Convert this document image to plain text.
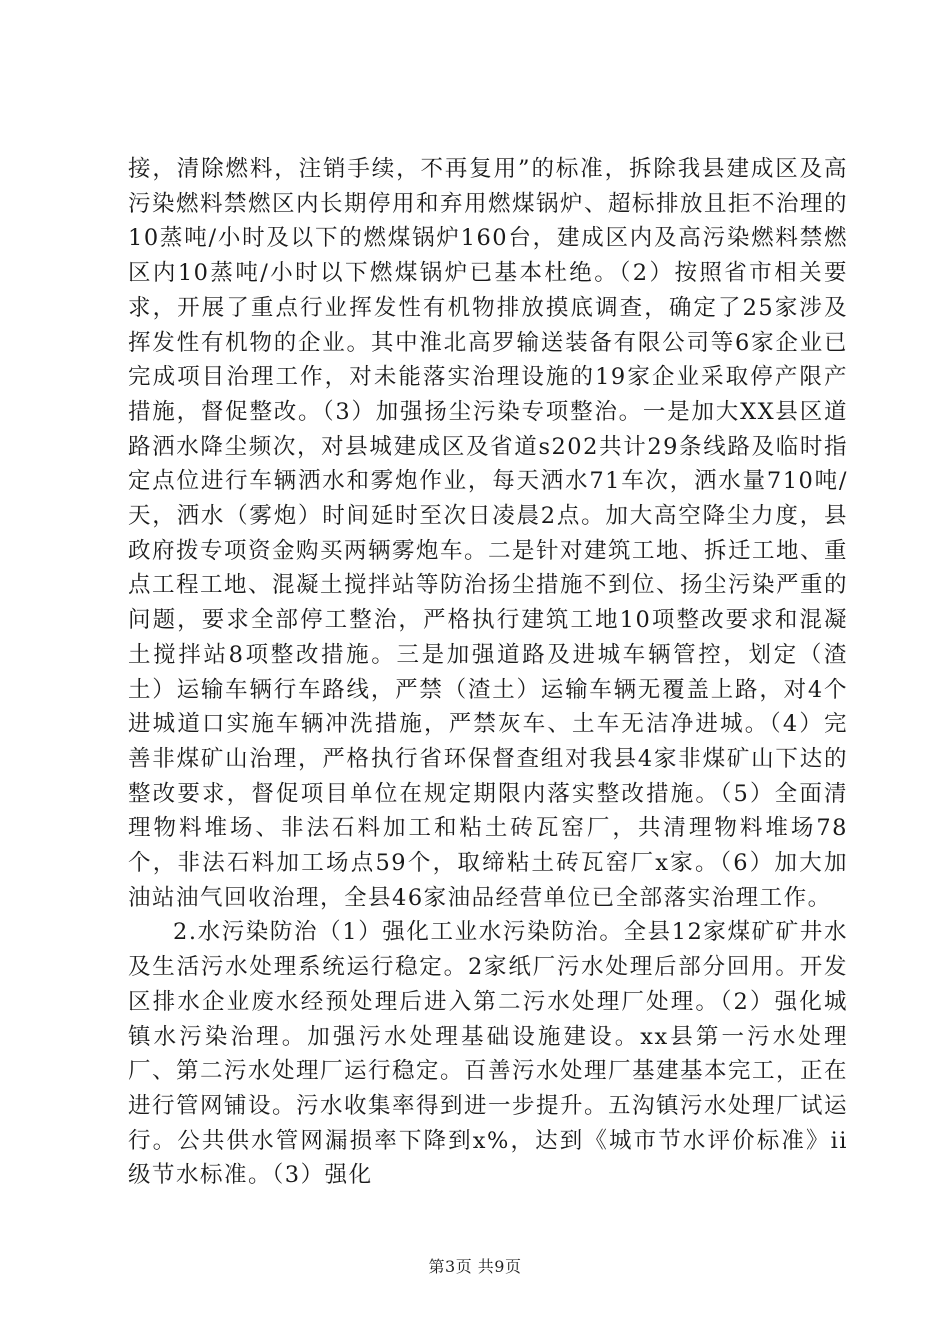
接，清除燃料，注销手续，不再复用”的标准，拆除我县建成区及高污染燃料禁燃区内长期停用和弃用燃煤锅炉、超标排放且拒不治理的10蒸吨/小时及以下的燃煤锅炉160台，建成区内及高污染燃料禁燃区内10蒸吨/小时以下燃煤锅炉已基本杜绝。（2）按照省市相关要求，开展了重点行业挥发性有机物排放摸底调查，确定了25家涉及挥发性有机物的企业。其中淮北高罗输送装备有限公司等6家企业已完成项目治理工作，对未能落实治理设施的19家企业采取停产限产措施，督促整改。（3）加强扬尘污染专项整治。一是加大XX县区道路洒水降尘频次，对县城建成区及省道s202共计29条线路及临时指定点位进行车辆洒水和雾炮作业，每天洒水71车次，洒水量710吨/天，洒水（雾炮）时间延时至次日凌晨2点。加大高空降尘力度，县政府拨专项资金购买两辆雾炮车。二是针对建筑工地、拆迁工地、重点工程工地、混凝土搅拌站等防治扬尘措施不到位、扬尘污染严重的问题，要求全部停工整治，严格执行建筑工地10项整改要求和混凝土搅拌站8项整改措施。三是加强道路及进城车辆管控，划定（渣土）运输车辆行车路线，严禁（渣土）运输车辆无覆盖上路，对4个进城道口实施车辆冲洗措施，严禁灰车、土车无洁净进城。（4）完善非煤矿山治理，严格执行省环保督查组对我县4家非煤矿山下达的整改要求，督促项目单位在规定期限内落实整改措施。（5）全面清理物料堆场、非法石料加工和粘土砖瓦窑厂，共清理物料堆场78个，非法石料加工场点59个，取缔粘土砖瓦窑厂x家。（6）加大加油站油气回收治理，全县46家油品经营单位已全部落实治理工作。

2.水污染防治（1）强化工业水污染防治。全县12家煤矿矿井水及生活污水处理系统运行稳定。2家纸厂污水处理后部分回用。开发区排水企业废水经预处理后进入第二污水处理厂处理。（2）强化城镇水污染治理。加强污水处理基础设施建设。xx县第一污水处理厂、第二污水处理厂运行稳定。百善污水处理厂基建基本完工，正在进行管网铺设。污水收集率得到进一步提升。五沟镇污水处理厂试运行。公共供水管网漏损率下降到x%，达到《城市节水评价标准》ii级节水标准。（3）强化

第3页 共9页
